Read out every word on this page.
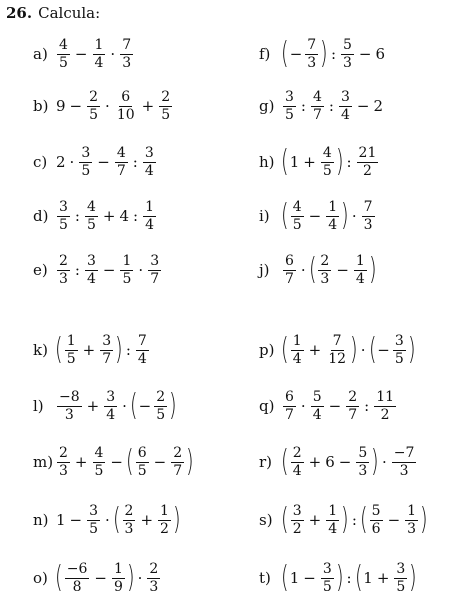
26. Calcula:
$a) \frac{4}{5} - \frac{1}{4} \cdot \frac{7}{3}$
b) $9 - \frac{2}{5} \cdot \frac{6}{10} + \frac{2}{5}$
c) $2 \cdot \frac{3}{5} - \frac{4}{7}$ : $\frac{3}{4}$
$d) \frac{3}{5}$ : $\frac{4}{5} + 4$ : $\frac{1}{4}$
$e) \frac{2}{3}$ : $\frac{3}{4} - \frac{1}{5} \cdot \frac{3}{7}$
k) ( $\frac{1}{5} + \frac{3}{7}$ ) : $\frac{7}{4}$
$l) \frac{-8}{3} + \frac{3}{4}$ · ( − $\frac{2}{5}$ )
$m) \frac{2}{3} + \frac{4}{5}$ − ( $\frac{6}{5} - \frac{2}{7}$ )
n) $1 - \frac{3}{5}$ · ( $\frac{2}{3} + \frac{1}{2}$ )
o) ( $\frac{-6}{8} - \frac{1}{9}$ ) · $\frac{2}{3}$
f) ( − $\frac{7}{3}$ ) : $\frac{5}{3} - 6$
$g) \frac{3}{5}$ : $\frac{4}{7}$ : $\frac{3}{4} - 2$
h) ( $1 + \frac{4}{5}$ ) : $\frac{21}{2}$
i) ( $\frac{4}{5} - \frac{1}{4}$ ) · $\frac{7}{3}$
$j) \frac{6}{7}$ · ( $\frac{2}{3} - \frac{1}{4}$ )
p) ( $\frac{1}{4} + \frac{7}{12}$ ) · ( − $\frac{3}{5}$ )
$q) \frac{6}{7} \cdot \frac{5}{4} - \frac{2}{7}$ : $\frac{11}{2}$
r) ( $\frac{2}{4} + 6 - \frac{5}{3}$ ) · $\frac{-7}{3}$
s) ( $\frac{3}{2} + \frac{1}{4}$ ) : ( $\frac{5}{6} - \frac{1}{3}$ )
t) ( $1 - \frac{3}{5}$ ) : ( $1 + \frac{3}{5}$ )
